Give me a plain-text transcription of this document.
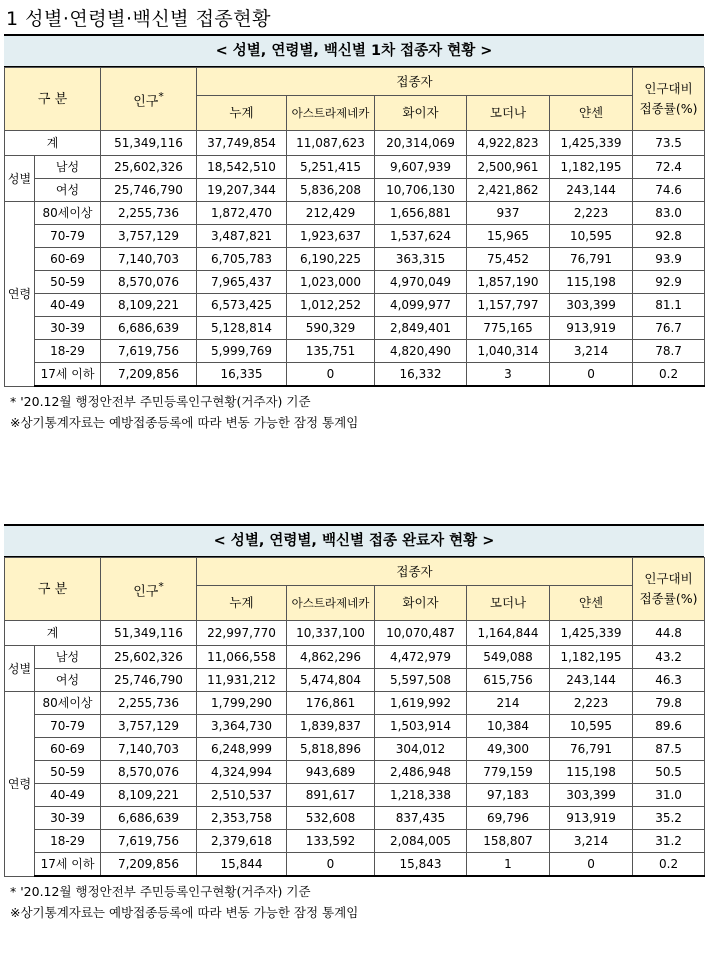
1 성별·연령별·백신별 접종현황
< 성별, 연령별, 백신별 1차 접종자 현황 >
구 분		인구*	접종자					인구대비
접종률(%)
			누계	아스트라제네카	화이자	모더나	얀센	
계		51,349,116	37,749,854	11,087,623	20,314,069	4,922,823	1,425,339	73.5
성별	남성	25,602,326	18,542,510	5,251,415	9,607,939	2,500,961	1,182,195	72.4
	여성	25,746,790	19,207,344	5,836,208	10,706,130	2,421,862	243,144	74.6
연령	80세이상	2,255,736	1,872,470	212,429	1,656,881	937	2,223	83.0
	70-79	3,757,129	3,487,821	1,923,637	1,537,624	15,965	10,595	92.8
	60-69	7,140,703	6,705,783	6,190,225	363,315	75,452	76,791	93.9
	50-59	8,570,076	7,965,437	1,023,000	4,970,049	1,857,190	115,198	92.9
	40-49	8,109,221	6,573,425	1,012,252	4,099,977	1,157,797	303,399	81.1
	30-39	6,686,639	5,128,814	590,329	2,849,401	775,165	913,919	76.7
	18-29	7,619,756	5,999,769	135,751	4,820,490	1,040,314	3,214	78.7
	17세 이하	7,209,856	16,335	0	16,332	3	0	0.2
* '20.12월 행정안전부 주민등록인구현황(거주자) 기준
※상기통계자료는 예방접종등록에 따라 변동 가능한 잠정 통계임
< 성별, 연령별, 백신별 접종 완료자 현황 >
구 분		인구*	접종자					인구대비
접종률(%)
			누계	아스트라제네카	화이자	모더나	얀센	
계		51,349,116	22,997,770	10,337,100	10,070,487	1,164,844	1,425,339	44.8
성별	남성	25,602,326	11,066,558	4,862,296	4,472,979	549,088	1,182,195	43.2
	여성	25,746,790	11,931,212	5,474,804	5,597,508	615,756	243,144	46.3
연령	80세이상	2,255,736	1,799,290	176,861	1,619,992	214	2,223	79.8
	70-79	3,757,129	3,364,730	1,839,837	1,503,914	10,384	10,595	89.6
	60-69	7,140,703	6,248,999	5,818,896	304,012	49,300	76,791	87.5
	50-59	8,570,076	4,324,994	943,689	2,486,948	779,159	115,198	50.5
	40-49	8,109,221	2,510,537	891,617	1,218,338	97,183	303,399	31.0
	30-39	6,686,639	2,353,758	532,608	837,435	69,796	913,919	35.2
	18-29	7,619,756	2,379,618	133,592	2,084,005	158,807	3,214	31.2
	17세 이하	7,209,856	15,844	0	15,843	1	0	0.2
* '20.12월 행정안전부 주민등록인구현황(거주자) 기준
※상기통계자료는 예방접종등록에 따라 변동 가능한 잠정 통계임
